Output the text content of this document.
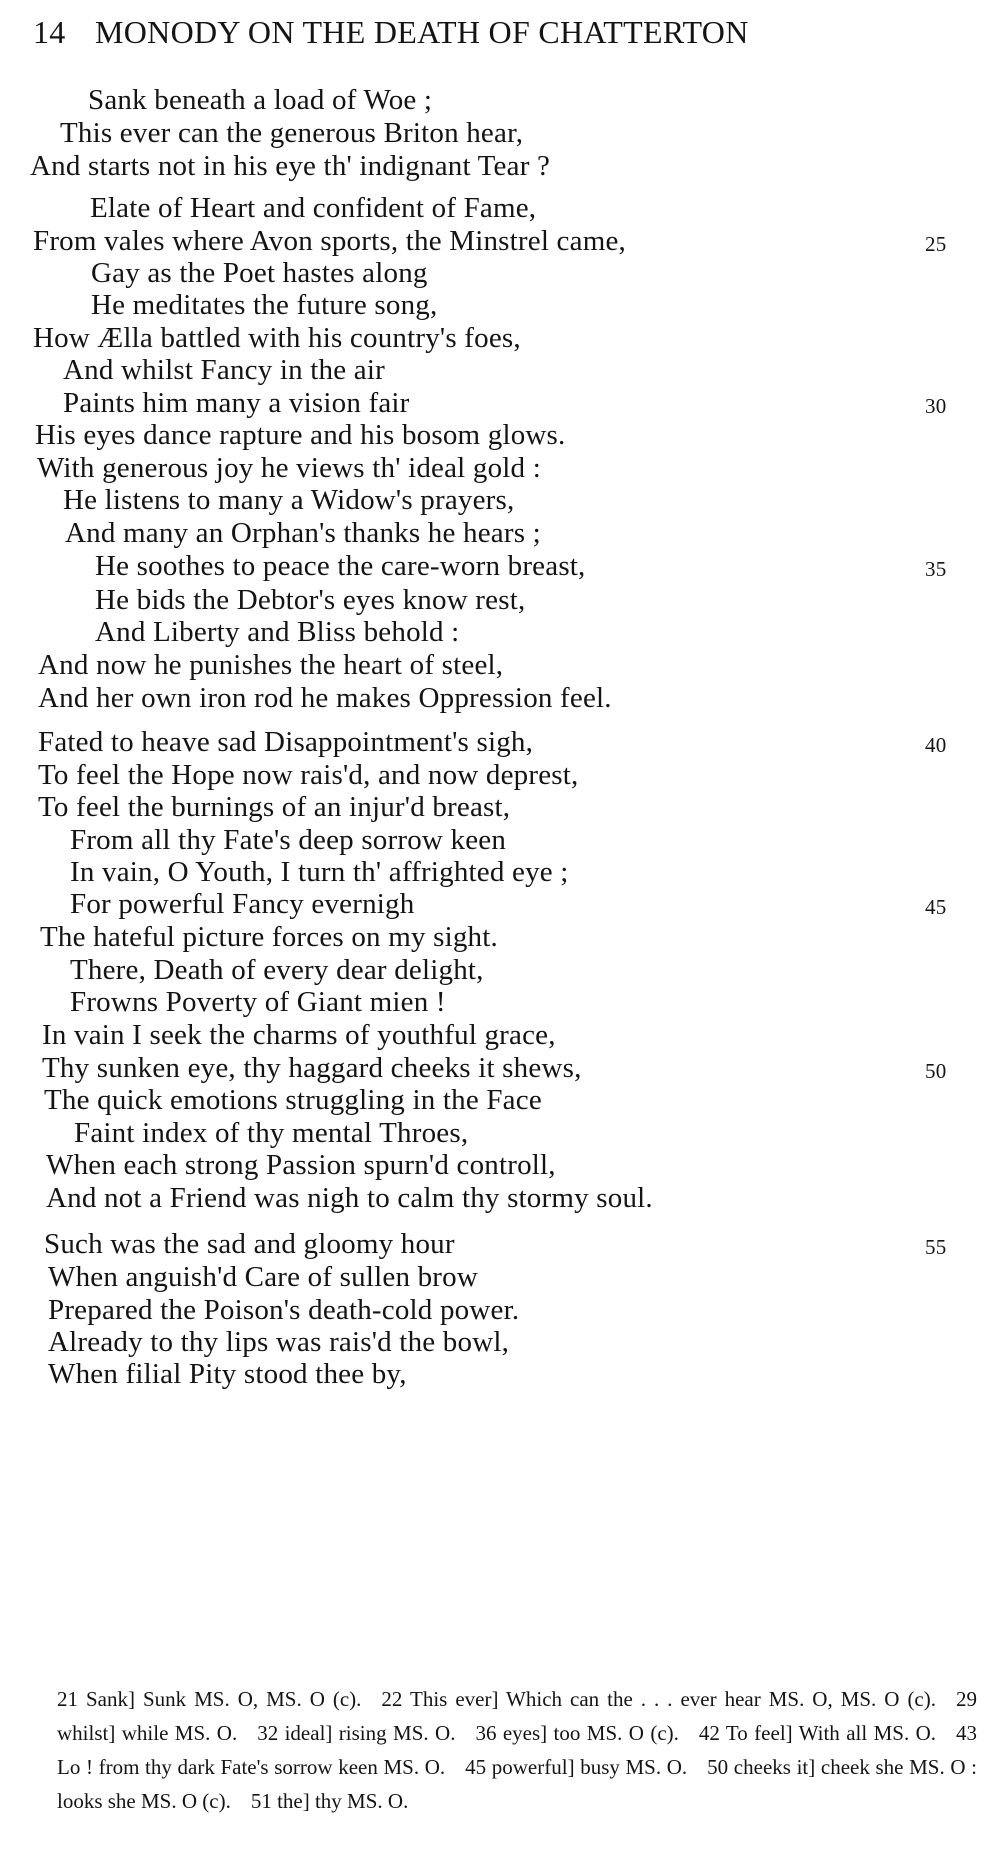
14 MONODY ON THE DEATH OF CHATTERTON
Sank beneath a load of Woe ;
This ever can the generous Briton hear,
And starts not in his eye th' indignant Tear ?
Elate of Heart and confident of Fame,
From vales where Avon sports, the Minstrel came,	25
Gay as the Poet hastes along
He meditates the future song,
How Ælla battled with his country's foes,
And whilst Fancy in the air
Paints him many a vision fair	30
His eyes dance rapture and his bosom glows.
With generous joy he views th' ideal gold :
He listens to many a Widow's prayers,
And many an Orphan's thanks he hears ;
He soothes to peace the care-worn breast,	35
He bids the Debtor's eyes know rest,
And Liberty and Bliss behold :
And now he punishes the heart of steel,
And her own iron rod he makes Oppression feel.
Fated to heave sad Disappointment's sigh,	40
To feel the Hope now rais'd, and now deprest,
To feel the burnings of an injur'd breast,
From all thy Fate's deep sorrow keen
In vain, O Youth, I turn th' affrighted eye ;
For powerful Fancy evernigh	45
The hateful picture forces on my sight.
There, Death of every dear delight,
Frowns Poverty of Giant mien !
In vain I seek the charms of youthful grace,
Thy sunken eye, thy haggard cheeks it shews,	50
The quick emotions struggling in the Face
Faint index of thy mental Throes,
When each strong Passion spurn'd controll,
And not a Friend was nigh to calm thy stormy soul.
Such was the sad and gloomy hour	55
When anguish'd Care of sullen brow
Prepared the Poison's death-cold power.
Already to thy lips was rais'd the bowl,
When filial Pity stood thee by,
21 Sank] Sunk MS. O, MS. O (c). 22 This ever] Which can the . . . ever hear MS. O, MS. O (c). 29 whilst] while MS. O. 32 ideal] rising MS. O. 36 eyes] too MS. O (c). 42 To feel] With all MS. O. 43 Lo ! from thy dark Fate's sorrow keen MS. O. 45 powerful] busy MS. O. 50 cheeks it] cheek she MS. O : looks she MS. O (c). 51 the] thy MS. O.
